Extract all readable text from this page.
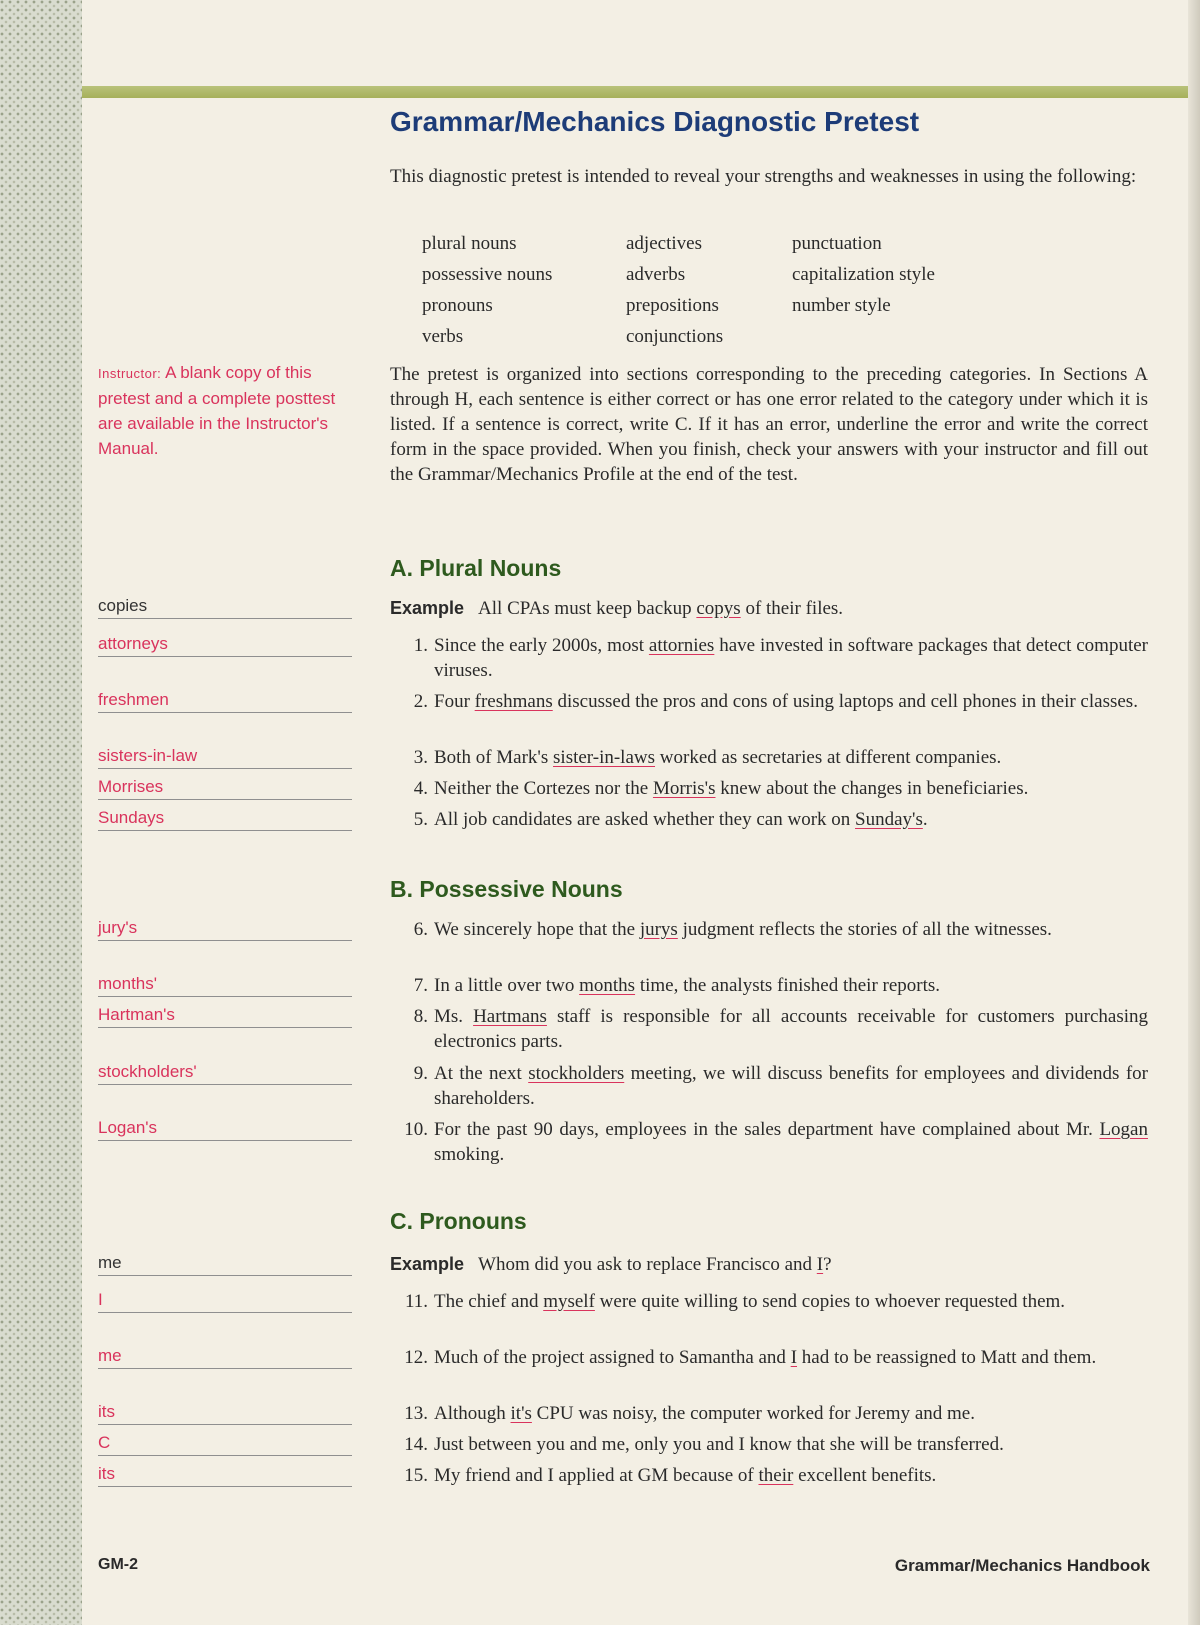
Grammar/Mechanics Diagnostic Pretest
This diagnostic pretest is intended to reveal your strengths and weaknesses in using the following:
plural nouns
possessive nouns
pronouns
verbs
adjectives
adverbs
prepositions
conjunctions
punctuation
capitalization style
number style
Instructor: A blank copy of this pretest and a complete posttest are available in the Instructor's Manual.
The pretest is organized into sections corresponding to the preceding categories. In Sections A through H, each sentence is either correct or has one error related to the category under which it is listed. If a sentence is correct, write C. If it has an error, underline the error and write the correct form in the space provided. When you finish, check your answers with your instructor and fill out the Grammar/Mechanics Profile at the end of the test.
A. Plural Nouns
Example All CPAs must keep backup copys of their files.
1. Since the early 2000s, most attornies have invested in software packages that detect computer viruses.
2. Four freshmans discussed the pros and cons of using laptops and cell phones in their classes.
3. Both of Mark's sister-in-laws worked as secretaries at different companies.
4. Neither the Cortezes nor the Morris's knew about the changes in beneficiaries.
5. All job candidates are asked whether they can work on Sunday's.
B. Possessive Nouns
6. We sincerely hope that the jurys judgment reflects the stories of all the witnesses.
7. In a little over two months time, the analysts finished their reports.
8. Ms. Hartmans staff is responsible for all accounts receivable for customers purchasing electronics parts.
9. At the next stockholders meeting, we will discuss benefits for employees and dividends for shareholders.
10. For the past 90 days, employees in the sales department have complained about Mr. Logan smoking.
C. Pronouns
Example Whom did you ask to replace Francisco and I?
11. The chief and myself were quite willing to send copies to whoever requested them.
12. Much of the project assigned to Samantha and I had to be reassigned to Matt and them.
13. Although it's CPU was noisy, the computer worked for Jeremy and me.
14. Just between you and me, only you and I know that she will be transferred.
15. My friend and I applied at GM because of their excellent benefits.
copies
attorneys
freshmen
sisters-in-law
Morrises
Sundays
jury's
months'
Hartman's
stockholders'
Logan's
me
I
me
its
C
its
GM-2	Grammar/Mechanics Handbook
